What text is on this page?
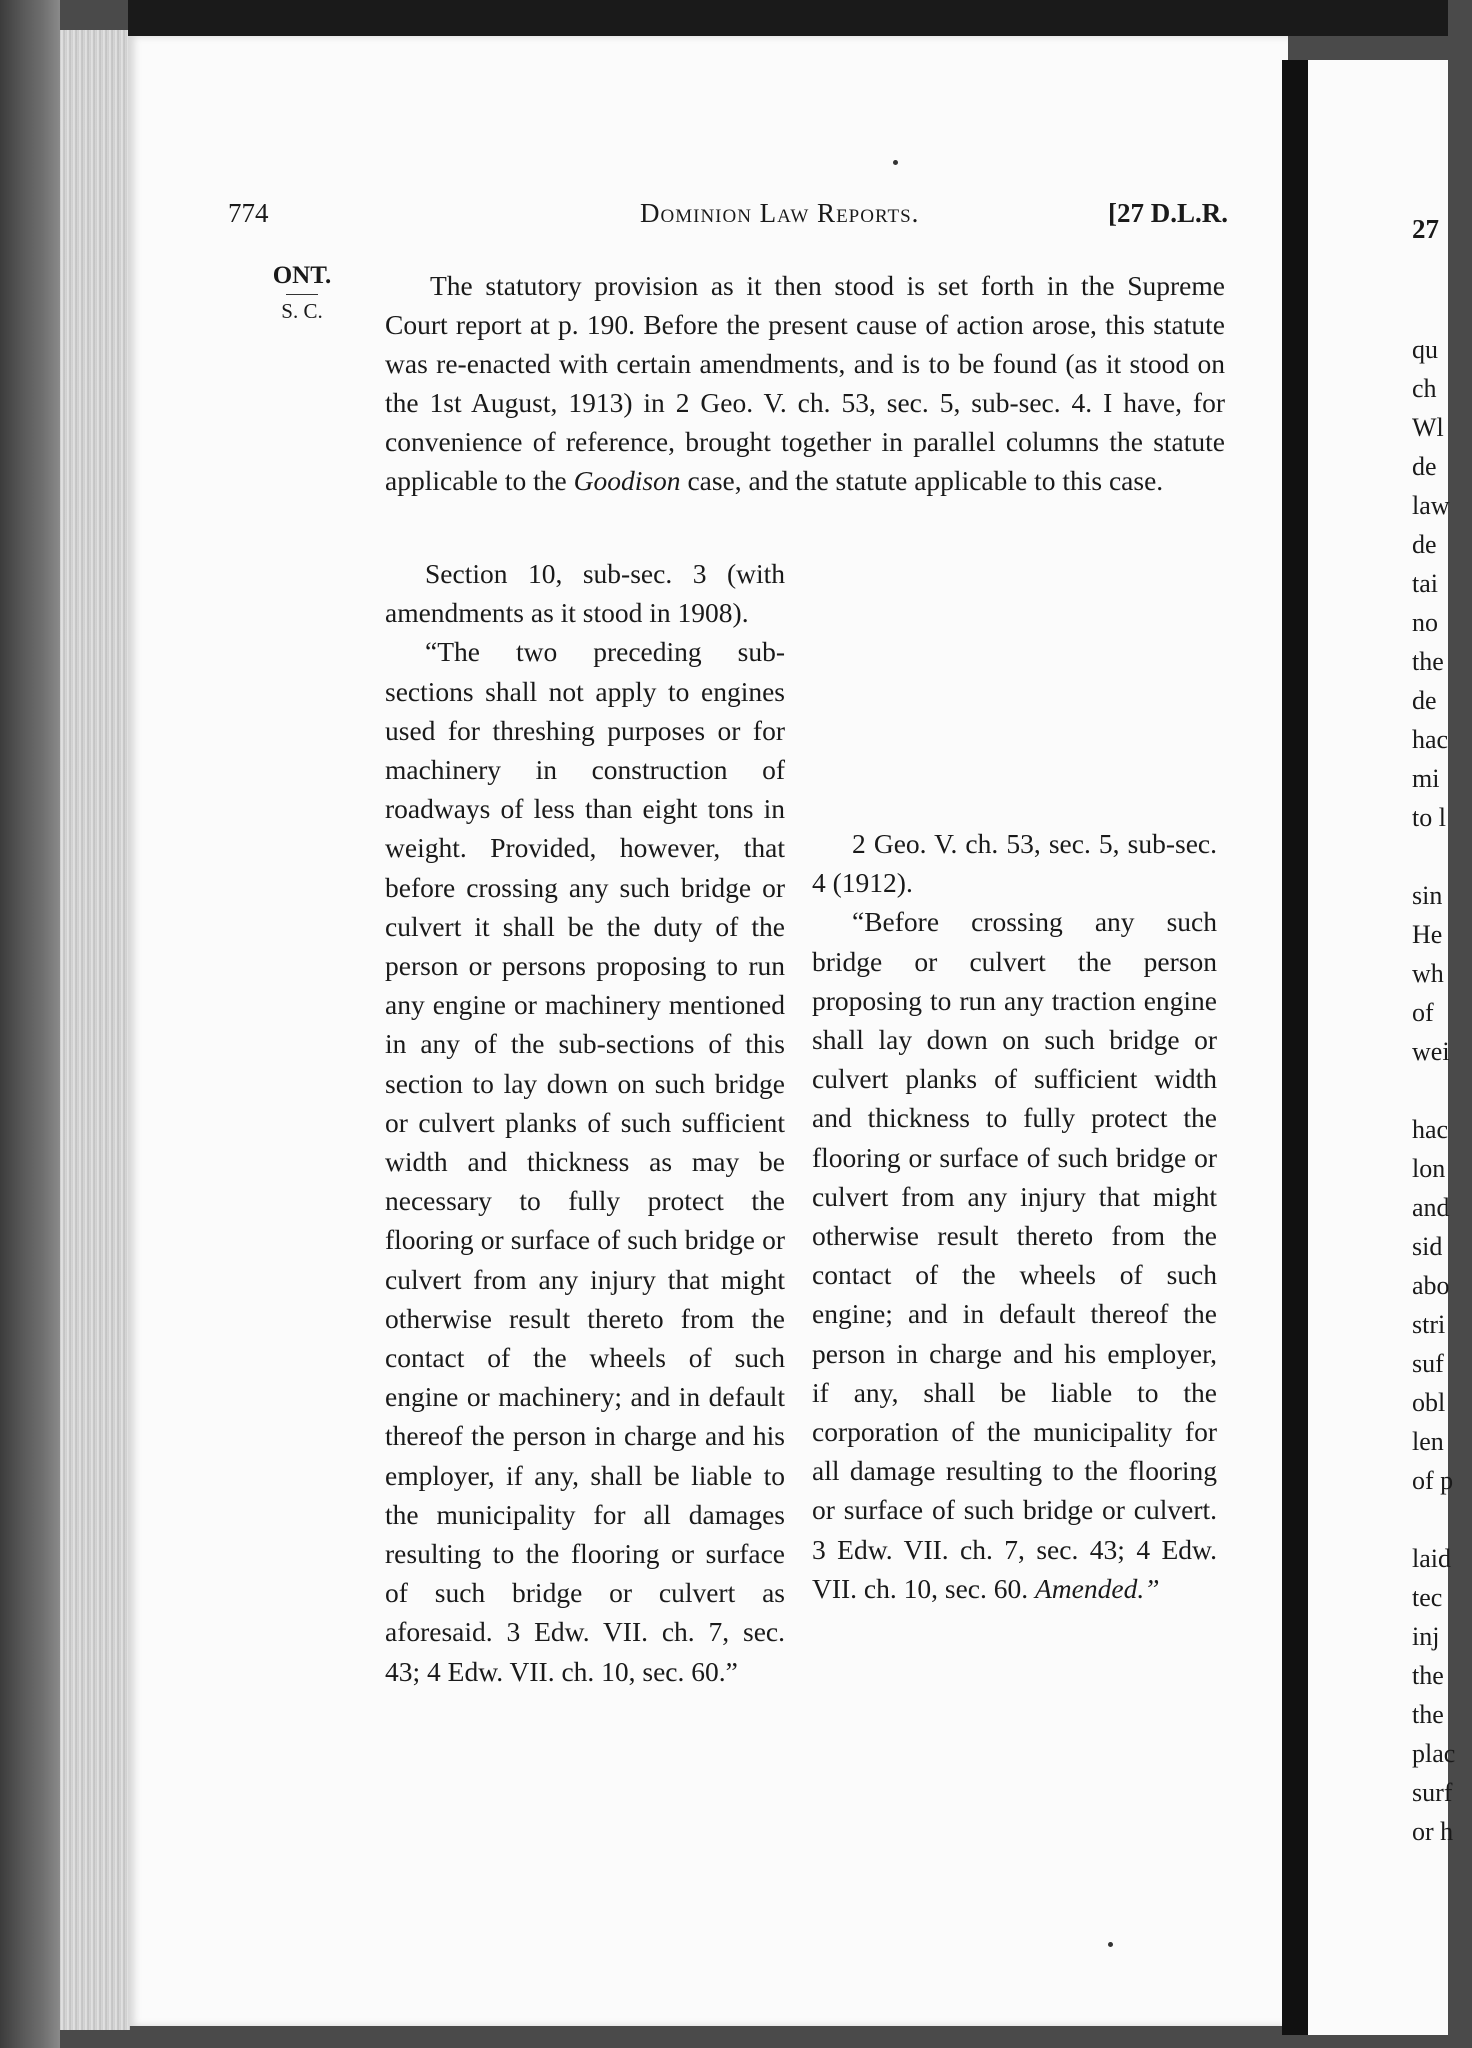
774	Dominion Law Reports.	[27 D.L.R.
ONT.
S. C.

The statutory provision as it then stood is set forth in the Supreme Court report at p. 190. Before the present cause of action arose, this statute was re-enacted with certain amendments, and is to be found (as it stood on the 1st August, 1913) in 2 Geo. V. ch. 53, sec. 5, sub-sec. 4. I have, for convenience of reference, brought together in parallel columns the statute applicable to the Goodison case, and the statute applicable to this case.

Section 10, sub-sec. 3 (with amendments as it stood in 1908).

“The two preceding sub-sections shall not apply to engines used for threshing purposes or for machinery in construction of roadways of less than eight tons in weight. Provided, however, that before crossing any such bridge or culvert it shall be the duty of the person or persons proposing to run any engine or machinery mentioned in any of the sub-sections of this section to lay down on such bridge or culvert planks of such sufficient width and thickness as may be necessary to fully protect the flooring or surface of such bridge or culvert from any injury that might otherwise result thereto from the contact of the wheels of such engine or machinery; and in default thereof the person in charge and his employer, if any, shall be liable to the municipality for all damages resulting to the flooring or surface of such bridge or culvert as aforesaid. 3 Edw. VII. ch. 7, sec. 43; 4 Edw. VII. ch. 10, sec. 60.”

2 Geo. V. ch. 53, sec. 5, sub-sec. 4 (1912).

“Before crossing any such bridge or culvert the person proposing to run any traction engine shall lay down on such bridge or culvert planks of sufficient width and thickness to fully protect the flooring or surface of such bridge or culvert from any injury that might otherwise result thereto from the contact of the wheels of such engine; and in default thereof the person in charge and his employer, if any, shall be liable to the corporation of the municipality for all damage resulting to the flooring or surface of such bridge or culvert. 3 Edw. VII. ch. 7, sec. 43; 4 Edw. VII. ch. 10, sec. 60. Amended.”

27
qu
ch
Wl
de
law
de
tai
no
the
de
hac
mi
to l

sin
He
wh
of
wei

hac
lon
and
sid
abo
stri
suf
obl
len
of p

laid
tec
inj
the
the
plac
surf
or h
